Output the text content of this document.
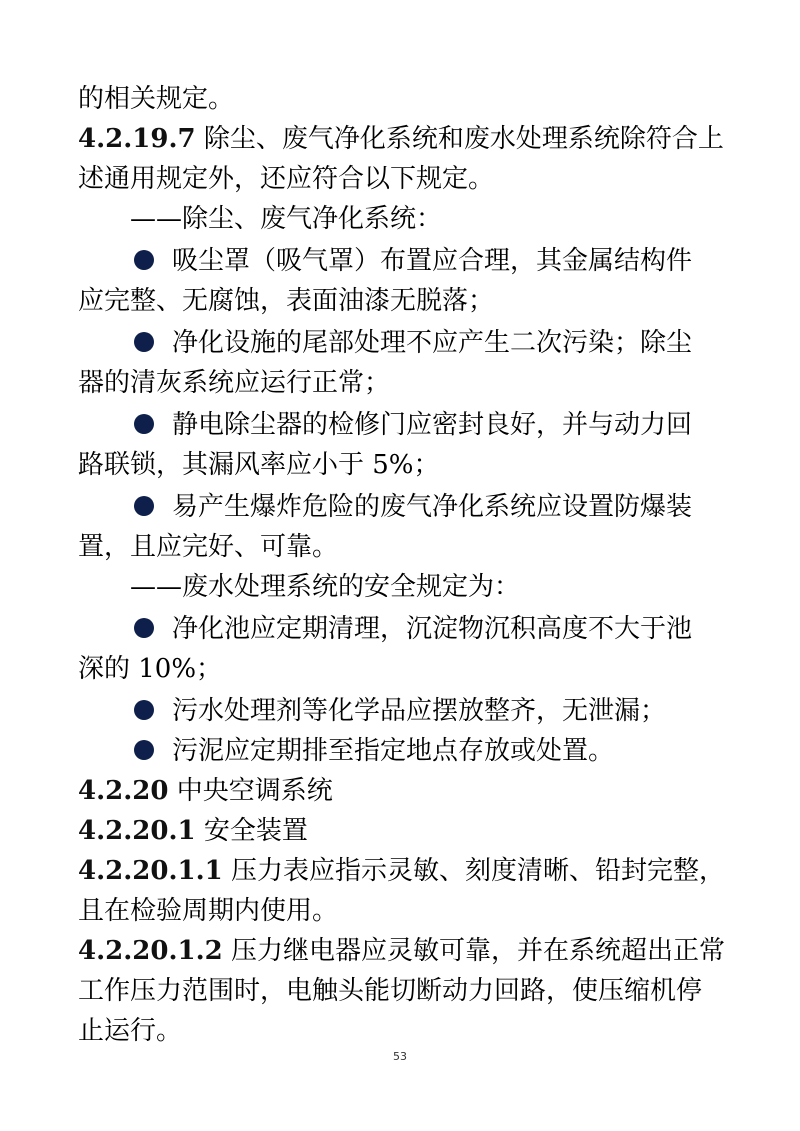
的相关规定。
4.2.19.7 除尘、废气净化系统和废水处理系统除符合上
述通用规定外，还应符合以下规定。
——除尘、废气净化系统：
吸尘罩（吸气罩）布置应合理，其金属结构件
应完整、无腐蚀，表面油漆无脱落；
净化设施的尾部处理不应产生二次污染；除尘
器的清灰系统应运行正常；
静电除尘器的检修门应密封良好，并与动力回
路联锁，其漏风率应小于 5%；
易产生爆炸危险的废气净化系统应设置防爆装
置，且应完好、可靠。
——废水处理系统的安全规定为：
净化池应定期清理，沉淀物沉积高度不大于池
深的 10%；
污水处理剂等化学品应摆放整齐，无泄漏；
污泥应定期排至指定地点存放或处置。
4.2.20 中央空调系统
4.2.20.1 安全装置
4.2.20.1.1 压力表应指示灵敏、刻度清晰、铅封完整，
且在检验周期内使用。
4.2.20.1.2 压力继电器应灵敏可靠，并在系统超出正常
工作压力范围时，电触头能切断动力回路，使压缩机停
止运行。
53
